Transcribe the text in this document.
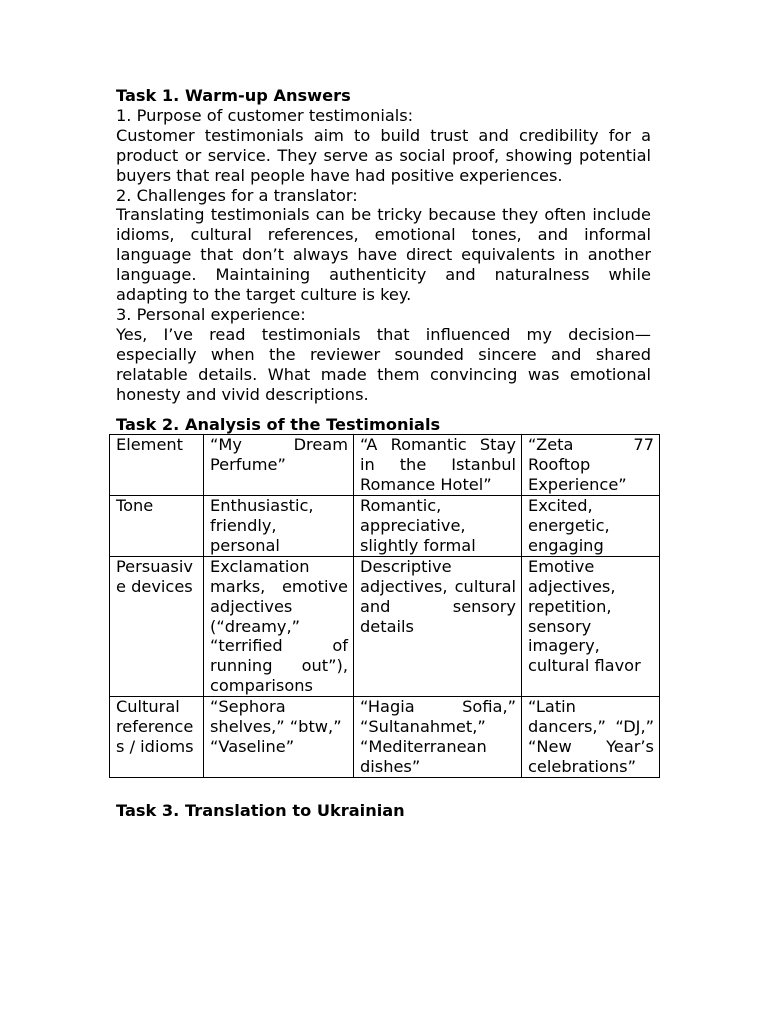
Task 1. Warm-up Answers

1. Purpose of customer testimonials:

Customer testimonials aim to build trust and credibility for a product or service. They serve as social proof, showing potential buyers that real people have had positive experiences.

2. Challenges for a translator:

Translating testimonials can be tricky because they often include idioms, cultural references, emotional tones, and informal language that don’t always have direct equivalents in another language. Maintaining authenticity and naturalness while adapting to the target culture is key.

3. Personal experience:

Yes, I’ve read testimonials that influenced my decision—especially when the reviewer sounded sincere and shared relatable details. What made them convincing was emotional honesty and vivid descriptions.

Task 2. Analysis of the Testimonials

Element	“My Dream Perfume”	“A Romantic Stay in the Istanbul Romance Hotel”	“Zeta 77 Rooftop Experience”
Tone	Enthusiastic, friendly, personal	Romantic, appreciative, slightly formal	Excited, energetic, engaging
Persuasive devices	Exclamation marks, emotive adjectives (“dreamy,” “terrified of running out”), comparisons	Descriptive adjectives, cultural and sensory details	Emotive adjectives, repetition, sensory imagery, cultural flavor
Cultural references / idioms	“Sephora shelves,” “btw,” “Vaseline”	“Hagia Sofia,” “Sultanahmet,” “Mediterranean dishes”	“Latin dancers,” “DJ,” “New Year’s celebrations”

Task 3. Translation to Ukrainian
